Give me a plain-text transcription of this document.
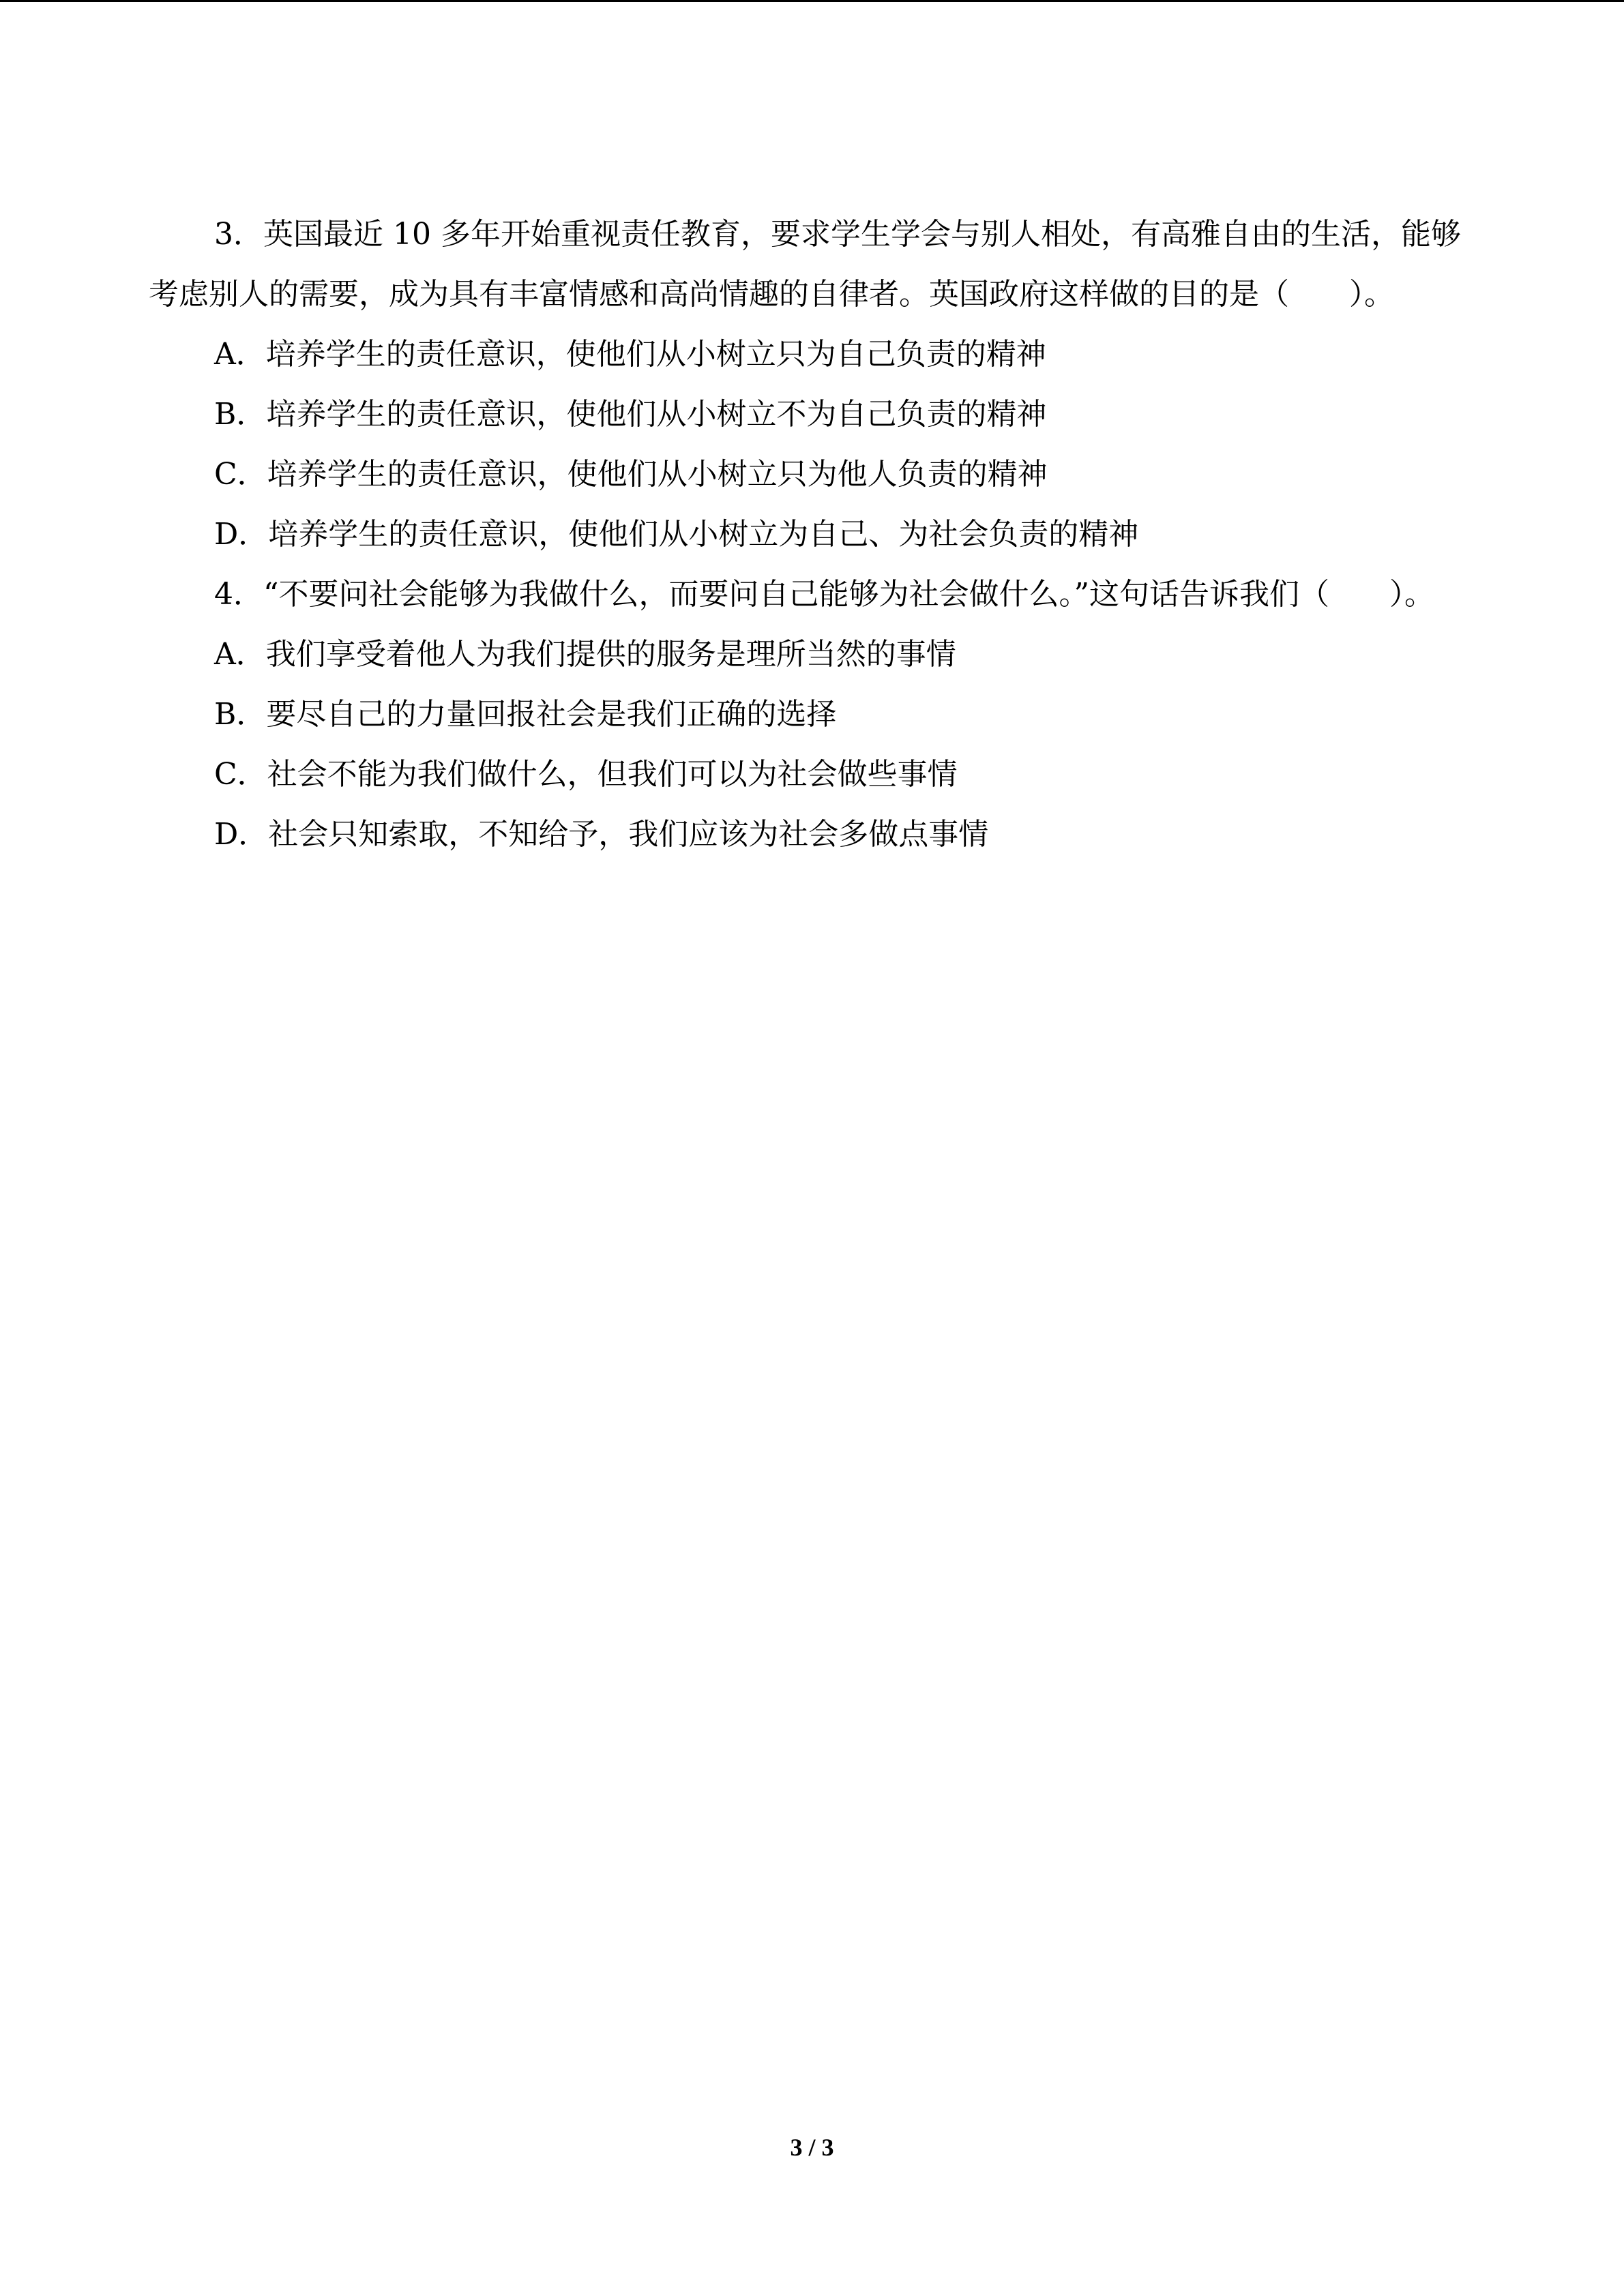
3．英国最近 10 多年开始重视责任教育，要求学生学会与别人相处，有高雅自由的生活，能够考虑别人的需要，成为具有丰富情感和高尚情趣的自律者。英国政府这样做的目的是（　　）。

A．培养学生的责任意识，使他们从小树立只为自己负责的精神

B．培养学生的责任意识，使他们从小树立不为自己负责的精神

C．培养学生的责任意识，使他们从小树立只为他人负责的精神

D．培养学生的责任意识，使他们从小树立为自己、为社会负责的精神

4．“不要问社会能够为我做什么，而要问自己能够为社会做什么。”这句话告诉我们（　　）。

A．我们享受着他人为我们提供的服务是理所当然的事情

B．要尽自己的力量回报社会是我们正确的选择

C．社会不能为我们做什么，但我们可以为社会做些事情

D．社会只知索取，不知给予，我们应该为社会多做点事情

3 / 3
